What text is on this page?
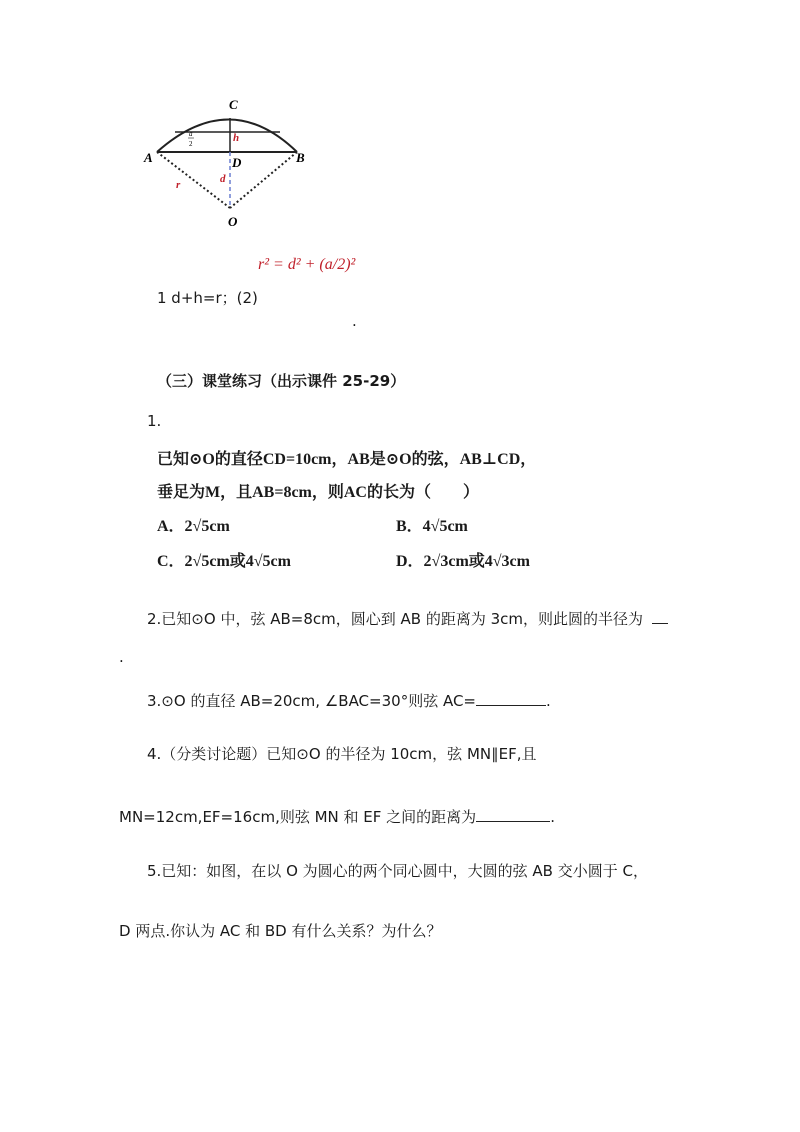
C
A	B
D
O
h
d
r
a
2
1 d+h=r；(2)
r² = d² + (a/2)²
.
（三）课堂练习（出示课件 25-29）
1.
已知⊙O的直径CD=10cm，AB是⊙O的弦，AB⊥CD，
垂足为M，且AB=8cm，则AC的长为（　　）
A．2√5cm	B．4√5cm
C．2√5cm或4√5cm	D．2√3cm或4√3cm
2.已知⊙O 中，弦 AB=8cm，圆心到 AB 的距离为 3cm，则此圆的半径为
.
3.⊙O 的直径 AB=20cm, ∠BAC=30°则弦 AC=	.
4.（分类讨论题）已知⊙O 的半径为 10cm，弦 MN∥EF,且
MN=12cm,EF=16cm,则弦 MN 和 EF 之间的距离为	.
5.已知：如图，在以 O 为圆心的两个同心圆中，大圆的弦 AB 交小圆于 C，
D 两点.你认为 AC 和 BD 有什么关系？为什么？
